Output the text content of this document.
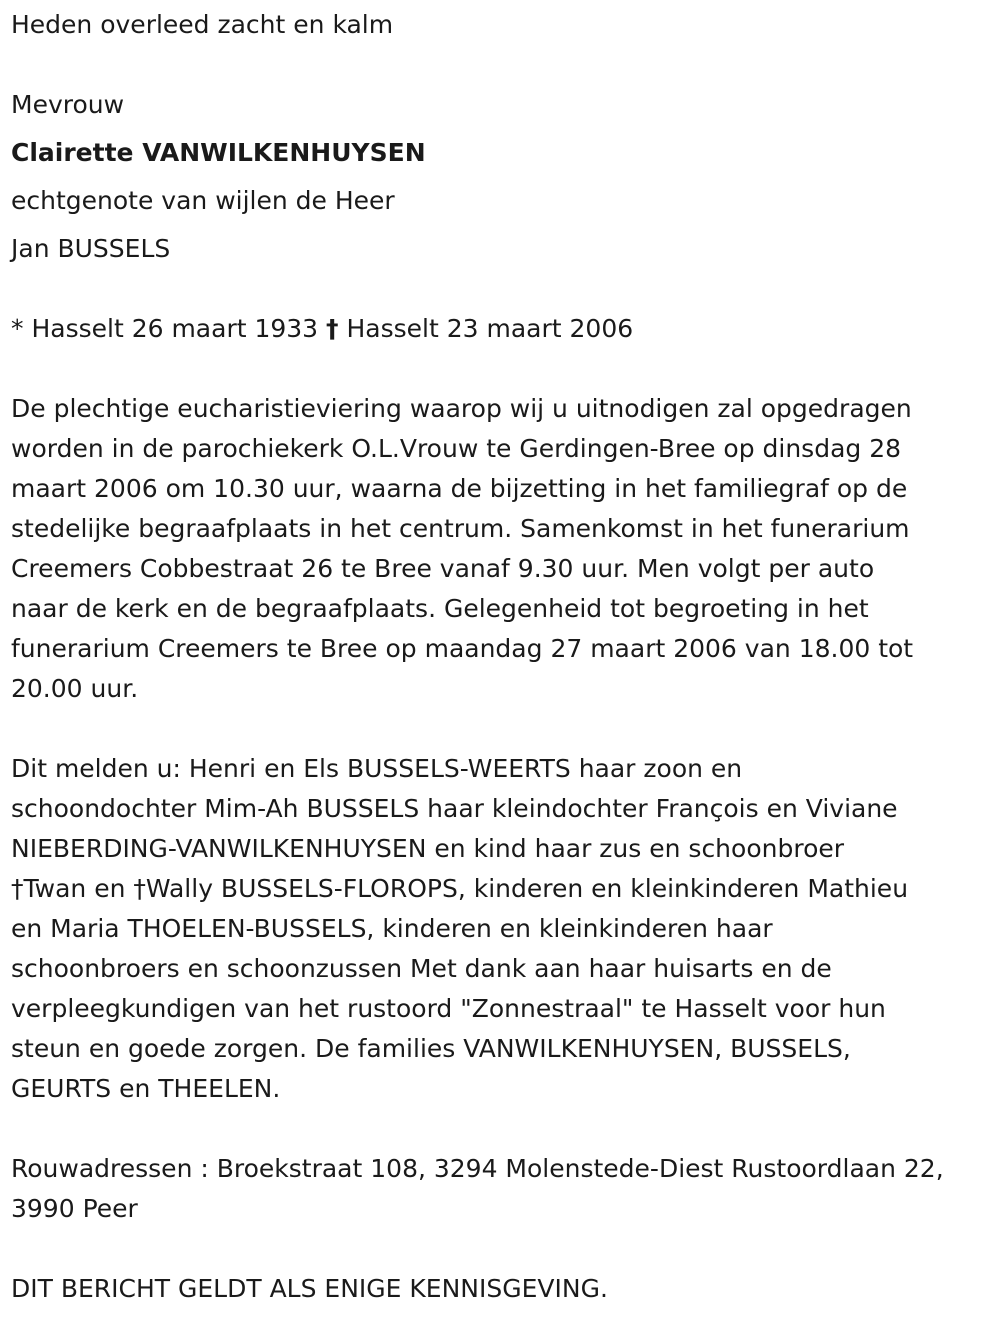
Heden overleed zacht en kalm
Mevrouw
Clairette VANWILKENHUYSEN
echtgenote van wijlen de Heer
Jan BUSSELS
* Hasselt 26 maart 1933 † Hasselt 23 maart 2006
De plechtige eucharistieviering waarop wij u uitnodigen zal opgedragen
worden in de parochiekerk O.L.Vrouw te Gerdingen-Bree op dinsdag 28
maart 2006 om 10.30 uur, waarna de bijzetting in het familiegraf op de
stedelijke begraafplaats in het centrum. Samenkomst in het funerarium
Creemers Cobbestraat 26 te Bree vanaf 9.30 uur. Men volgt per auto
naar de kerk en de begraafplaats. Gelegenheid tot begroeting in het
funerarium Creemers te Bree op maandag 27 maart 2006 van 18.00 tot
20.00 uur.
Dit melden u: Henri en Els BUSSELS-WEERTS haar zoon en
schoondochter Mim-Ah BUSSELS haar kleindochter François en Viviane
NIEBERDING-VANWILKENHUYSEN en kind haar zus en schoonbroer
†Twan en †Wally BUSSELS-FLOROPS, kinderen en kleinkinderen Mathieu
en Maria THOELEN-BUSSELS, kinderen en kleinkinderen haar
schoonbroers en schoonzussen Met dank aan haar huisarts en de
verpleegkundigen van het rustoord "Zonnestraal" te Hasselt voor hun
steun en goede zorgen. De families VANWILKENHUYSEN, BUSSELS,
GEURTS en THEELEN.
Rouwadressen : Broekstraat 108, 3294 Molenstede-Diest Rustoordlaan 22,
3990 Peer
DIT BERICHT GELDT ALS ENIGE KENNISGEVING.
